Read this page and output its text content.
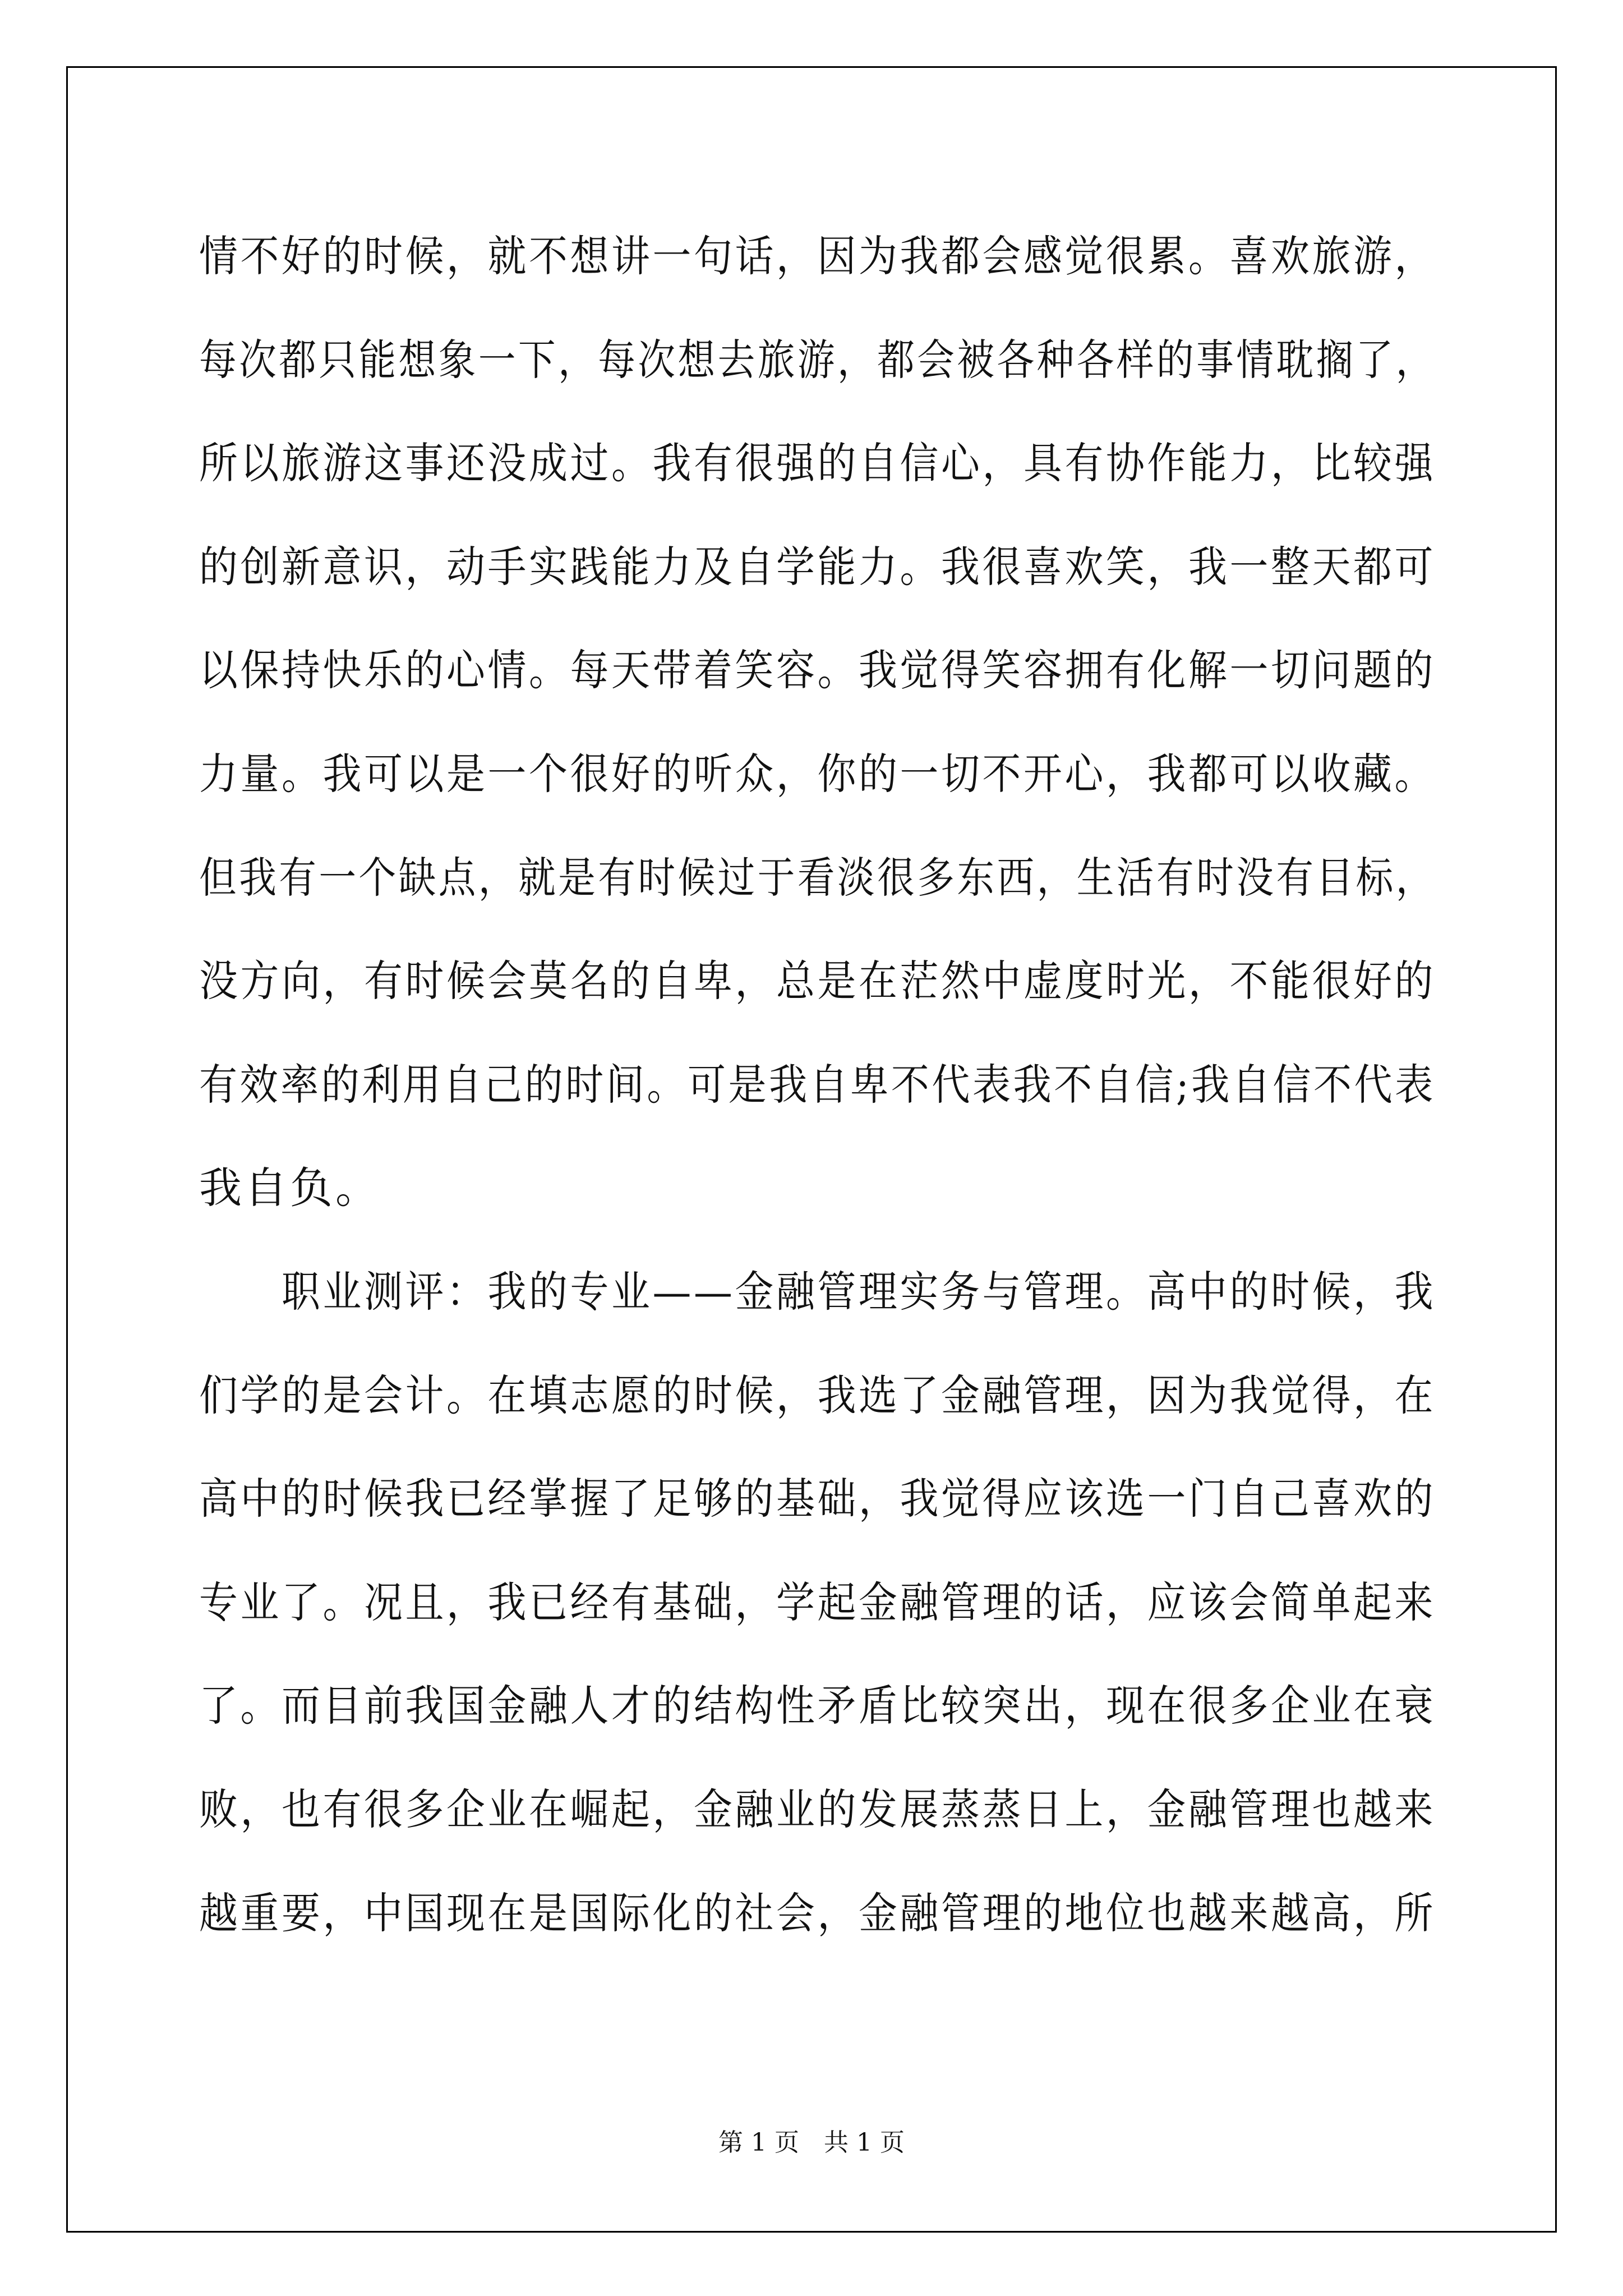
情不好的时候，就不想讲一句话，因为我都会感觉很累。喜欢旅游，
每次都只能想象一下，每次想去旅游，都会被各种各样的事情耽搁了，
所以旅游这事还没成过。我有很强的自信心，具有协作能力，比较强
的创新意识，动手实践能力及自学能力。我很喜欢笑，我一整天都可
以保持快乐的心情。每天带着笑容。我觉得笑容拥有化解一切问题的
力量。我可以是一个很好的听众，你的一切不开心，我都可以收藏。
但我有一个缺点，就是有时候过于看淡很多东西，生活有时没有目标，
没方向，有时候会莫名的自卑，总是在茫然中虚度时光，不能很好的
有效率的利用自己的时间。可是我自卑不代表我不自信;我自信不代表
我自负。
　　职业测评：我的专业——金融管理实务与管理。高中的时候，我
们学的是会计。在填志愿的时候，我选了金融管理，因为我觉得，在
高中的时候我已经掌握了足够的基础，我觉得应该选一门自己喜欢的
专业了。况且，我已经有基础，学起金融管理的话，应该会简单起来
了。而目前我国金融人才的结构性矛盾比较突出，现在很多企业在衰
败，也有很多企业在崛起，金融业的发展蒸蒸日上，金融管理也越来
越重要，中国现在是国际化的社会，金融管理的地位也越来越高，所
第 1 页　共 1 页
